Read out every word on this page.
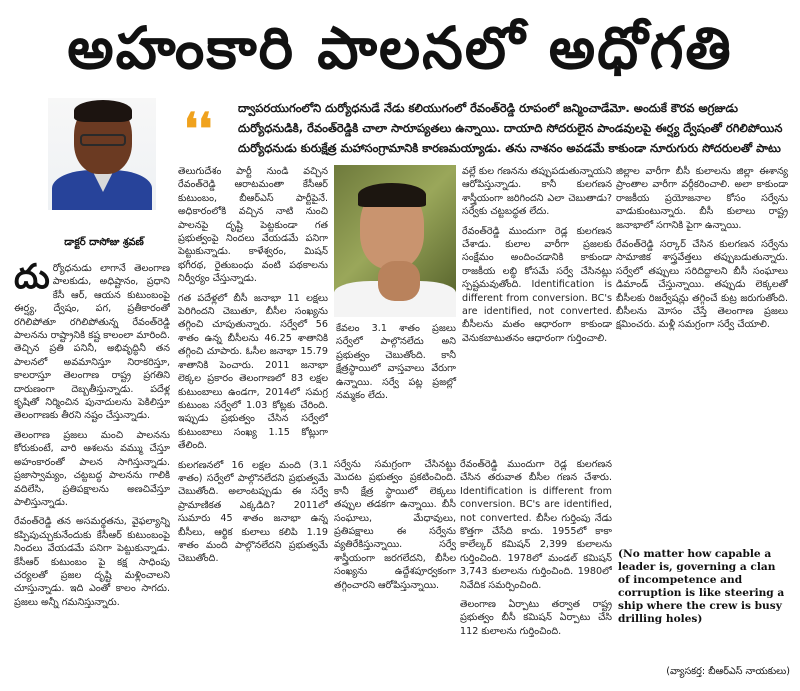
అహంకారి పాలనలో అధోగతి
డాక్టర్ దాసోజు శ్రవణ్
❛❛ ద్వాపరయుగంలోని దుర్యోధనుడే నేడు కలియుగంలో రేవంత్‌రెడ్డి రూపంలో జన్మించాడేమో. అందుకే కౌరవ అగ్రజుడు దుర్యోధనుడికి, రేవంత్‌రెడ్డికి చాలా సారూప్యతలు ఉన్నాయి. దాయాది సోదరులైన పాండవులపై ఈర్ష్య ద్వేషంతో రగిలిపోయిన దుర్యోధనుడు కురుక్షేత్ర మహాసంగ్రామానికి కారణమయ్యాడు. తను నాశనం అవడమే కాకుండా నూరుగురు సోదరులతో పాటు

దుర్యోధనుడు లాగానే తెలంగాణ పాలకుడు, అధిష్టానం, ప్రధాని కేసీ ఆర్, ఆయన కుటుంబంపై ఈర్ష్య, ద్వేషం, పగ, ప్రతీకారంతో రగిలిపోతూ రగిలిపోతున్న రేవంత్‌రెడ్డి పాలనను రాష్ట్రానికి కష్ట కాలంలా మారింది. తెచ్చిన ప్రతి పనినీ, అభివృద్ధినీ తన పాలనలో అవమానిస్తూ నిరాకరిస్తూ, కాలరాస్తూ తెలంగాణ రాష్ట్ర ప్రగతిని దారుణంగా దెబ్బతీస్తున్నాడు. పదేళ్ల కృషితో నిర్మించిన పునాదులను పెకిలిస్తూ తెలంగాణకు తీరని నష్టం చేస్తున్నాడు.

తెలంగాణ ప్రజలు మంచి పాలనను కోరుకుంటే, వారి ఆశలను వమ్ము చేస్తూ అహంకారంతో పాలన సాగిస్తున్నాడు. ప్రజాస్వామ్యం, చట్టబద్ధ పాలనను గాలికి వదిలేసి, ప్రతిపక్షాలను అణచివేస్తూ పాలిస్తున్నాడు.

రేవంత్‌రెడ్డి తన అసమర్థతను, వైఫల్యాన్ని కప్పిపుచ్చుకునేందుకు కేసీఆర్ కుటుంబంపై నిందలు వేయడమే పనిగా పెట్టుకున్నాడు. కేసీఆర్ కుటుంబం పై కక్ష సాధింపు చర్యలతో ప్రజల దృష్టి మళ్లించాలని చూస్తున్నాడు. ఇది ఎంతో కాలం సాగదు. ప్రజలు అన్నీ గమనిస్తున్నారు.

తెలుగుదేశం పార్టీ నుండి వచ్చిన రేవంత్‌రెడ్డి ఆరాటమంతా కేసీఆర్ కుటుంబం, బీఆర్ఎస్ పార్టీపైనే. అధికారంలోకి వచ్చిన నాటి నుంచి పాలనపై దృష్టి పెట్టకుండా గత ప్రభుత్వంపై నిందలు వేయడమే పనిగా పెట్టుకున్నాడు. కాళేశ్వరం, మిషన్ భగీరథ, రైతుబంధు వంటి పథకాలను నిర్వీర్యం చేస్తున్నాడు.

గత పదేళ్లలో బీసీ జనాభా 11 లక్షలు పెరిగిందని చెబుతూ, బీసీల సంఖ్యను తగ్గించి చూపుతున్నారు. సర్వేలో 56 శాతం ఉన్న బీసీలను 46.25 శాతానికి తగ్గించి చూపారు. ఓసీల జనాభా 15.79 శాతానికి పెంచారు. 2011 జనాభా లెక్కల ప్రకారం తెలంగాణలో 83 లక్షల కుటుంబాలు ఉండగా, 2014లో సమగ్ర కుటుంబ సర్వేలో 1.03 కోట్లకు చేరింది. ఇప్పుడు ప్రభుత్వం చేసిన సర్వేలో కుటుంబాలు సంఖ్య 1.15 కోట్లుగా తేలింది.

కులగణనలో 16 లక్షల మంది (3.1 శాతం) సర్వేలో పాల్గొనలేదని ప్రభుత్వమే చెబుతోంది. అలాంటప్పుడు ఈ సర్వే ప్రామాణికత ఎక్కడిది? 2011లో సుమారు 45 శాతం జనాభా ఉన్న బీసీలు, ఆర్థిక కులాలు కలిపి 1.19 శాతం మంది పాల్గొనలేదని ప్రభుత్వమే చెబుతోంది.

కేవలం 3.1 శాతం ప్రజలు సర్వేలో పాల్గొనలేదు అని ప్రభుత్వం చెబుతోంది. కానీ క్షేత్రస్థాయిలో వాస్తవాలు వేరుగా ఉన్నాయి. సర్వే పట్ల ప్రజల్లో నమ్మకం లేదు.

సర్వేను సమగ్రంగా చేసినట్టు మొదట ప్రభుత్వం ప్రకటించింది. కానీ క్షేత్ర స్థాయిలో లెక్కలు తప్పుల తడకగా ఉన్నాయి. బీసీ సంఘాలు, మేధావులు, ప్రతిపక్షాలు ఈ సర్వేను వ్యతిరేకిస్తున్నాయి. సర్వే శాస్త్రీయంగా జరగలేదని, బీసీల సంఖ్యను ఉద్దేశపూర్వకంగా తగ్గించారని ఆరోపిస్తున్నాయి.

వల్లే కుల గణనను తప్పుపడుతున్నాయని ఆరోపిస్తున్నాడు. కానీ కులగణన శాస్త్రీయంగా జరిగిందని ఎలా చెబుతాడు? సర్వేకు చట్టబద్ధత లేదు.

రేవంత్‌రెడ్డి ముందుగా రెడ్ల కులగణన చేశాడు. కులాల వారీగా ప్రజలకు సంక్షేమం అందించడానికి కాకుండా రాజకీయ లబ్ధి కోసమే సర్వే చేసినట్లు స్పష్టమవుతోంది. Identification is different from conversion. BC's are identified, not converted. బీసీలను మతం ఆధారంగా కాకుండా వెనుకబాటుతనం ఆధారంగా గుర్తించాలి.

రేవంత్‌రెడ్డి ముందుగా రెడ్ల కులగణన చేసిన తరువాత బీసీల గణన చేశారు. Identification is different from conversion. BC's are identified, not converted. బీసీల గుర్తింపు నేడు కొత్తగా చేసేది కాదు. 1955లో కాకా కాలేల్కర్ కమిషన్ 2,399 కులాలను గుర్తించింది. 1978లో మండల్ కమిషన్ 3,743 కులాలను గుర్తించింది. 1980లో నివేదిక సమర్పించింది.

తెలంగాణ ఏర్పాటు తర్వాత రాష్ట్ర ప్రభుత్వం బీసీ కమిషన్ ఏర్పాటు చేసి 112 కులాలను గుర్తించింది.

జిల్లాల వారీగా బీసీ కులాలను జిల్లా ఈశాన్య ప్రాంతాల వారీగా వర్గీకరించాలి. అలా కాకుండా రాజకీయ ప్రయోజనాల కోసం సర్వేను వాడుకుంటున్నారు. బీసీ కులాలు రాష్ట్ర జనాభాలో సగానికి పైగా ఉన్నాయి.

రేవంత్‌రెడ్డి సర్కార్ చేసిన కులగణన సర్వేను సామాజిక శాస్త్రవేత్తలు తప్పుబడుతున్నారు. సర్వేలో తప్పులు సరిదిద్దాలని బీసీ సంఘాలు డిమాండ్ చేస్తున్నాయి. తప్పుడు లెక్కలతో బీసీలకు రిజర్వేషన్లు తగ్గించే కుట్ర జరుగుతోంది. బీసీలను మోసం చేస్తే తెలంగాణ ప్రజలు క్షమించరు. మళ్లీ సమగ్రంగా సర్వే చేయాలి.

(No matter how capable a leader is, governing a clan of incompetence and corruption is like steering a ship where the crew is busy drilling holes)
(వ్యాసకర్త: బీఆర్ఎస్ నాయకులు)
